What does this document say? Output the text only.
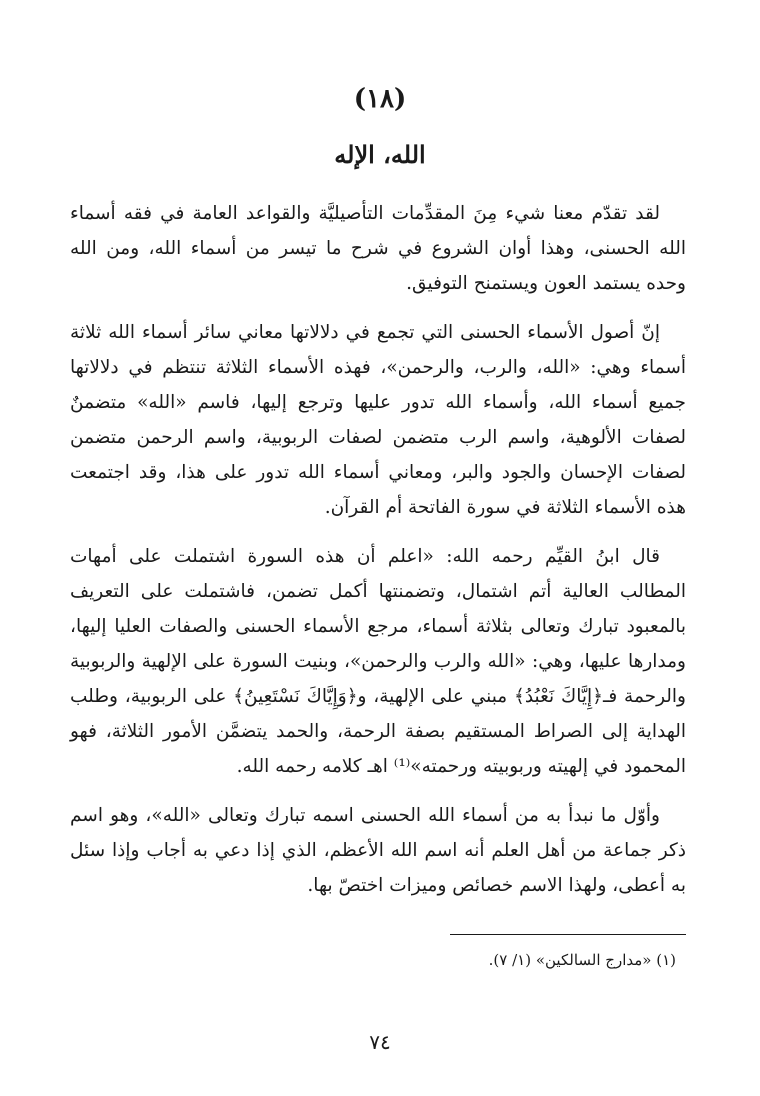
(١٨)
الله، الإله

لقد تقدّم معنا شيء مِنَ المقدِّمات التأصيليَّة والقواعد العامة في فقه أسماء الله الحسنى، وهذا أوان الشروع في شرح ما تيسر من أسماء الله، ومن الله وحده يستمد العون ويستمنح التوفيق.

إنّ أصول الأسماء الحسنى التي تجمع في دلالاتها معاني سائر أسماء الله ثلاثة أسماء وهي: «الله، والرب، والرحمن»، فهذه الأسماء الثلاثة تنتظم في دلالاتها جميع أسماء الله، وأسماء الله تدور عليها وترجع إليها، فاسم «الله» متضمنٌ لصفات الألوهية، واسم الرب متضمن لصفات الربوبية، واسم الرحمن متضمن لصفات الإحسان والجود والبر، ومعاني أسماء الله تدور على هذا، وقد اجتمعت هذه الأسماء الثلاثة في سورة الفاتحة أم القرآن.

قال ابنُ القيِّم رحمه الله: «اعلم أن هذه السورة اشتملت على أمهات المطالب العالية أتم اشتمال، وتضمنتها أكمل تضمن، فاشتملت على التعريف بالمعبود تبارك وتعالى بثلاثة أسماء، مرجع الأسماء الحسنى والصفات العليا إليها، ومدارها عليها، وهي: «الله والرب والرحمن»، وبنيت السورة على الإلهية والربوبية والرحمة فـ﴿إِيَّاكَ نَعْبُدُ﴾ مبني على الإلهية، و﴿وَإِيَّاكَ نَسْتَعِينُ﴾ على الربوبية، وطلب الهداية إلى الصراط المستقيم بصفة الرحمة، والحمد يتضمَّن الأمور الثلاثة، فهو المحمود في إلهيته وربوبيته ورحمته»⁽¹⁾ اهـ كلامه رحمه الله.

وأوّل ما نبدأ به من أسماء الله الحسنى اسمه تبارك وتعالى «الله»، وهو اسم ذكر جماعة من أهل العلم أنه اسم الله الأعظم، الذي إذا دعي به أجاب وإذا سئل به أعطى، ولهذا الاسم خصائص وميزات اختصّ بها.

(١) «مدارج السالكين» (١/ ٧).
٧٤
